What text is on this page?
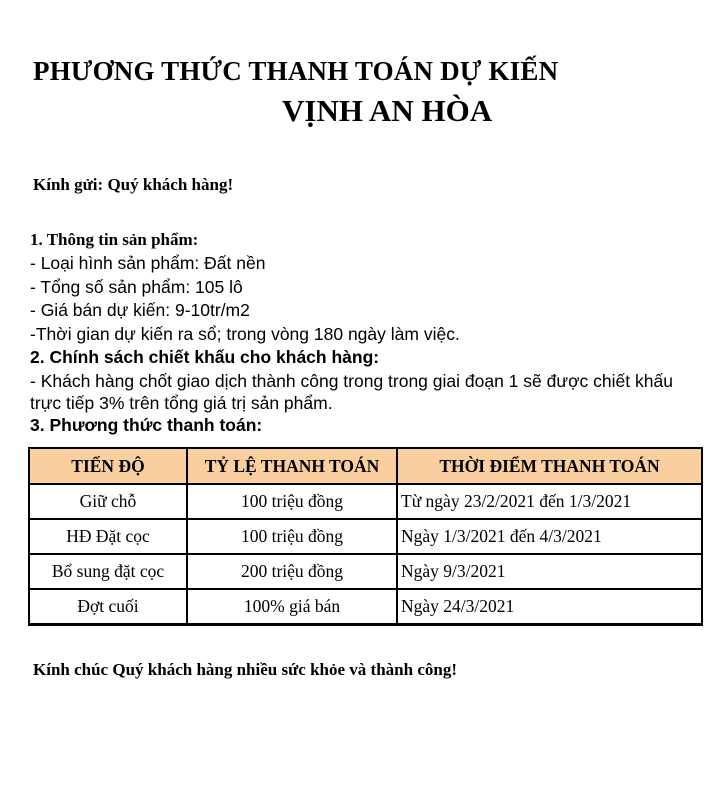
PHƯƠNG THỨC THANH TOÁN DỰ KIẾN
VỊNH AN HÒA
Kính gửi: Quý khách hàng!
1. Thông tin sản phẩm:
- Loại hình sản phẩm: Đất nền
- Tổng số sản phẩm: 105 lô
- Giá bán dự kiến: 9-10tr/m2
-Thời gian dự kiến ra sổ; trong vòng 180 ngày làm việc.
2. Chính sách chiết khấu cho khách hàng:
- Khách hàng chốt giao dịch thành công trong trong giai đoạn 1 sẽ được chiết khấu trực tiếp 3% trên tổng giá trị sản phẩm.
3. Phương thức thanh toán:
TIẾN ĐỘ	TỶ LỆ THANH TOÁN	THỜI ĐIỂM THANH TOÁN
Giữ chỗ	100 triệu đồng	Từ ngày 23/2/2021 đến 1/3/2021
HĐ Đặt cọc	100 triệu đồng	Ngày 1/3/2021 đến 4/3/2021
Bổ sung đặt cọc	200 triệu đồng	Ngày 9/3/2021
Đợt cuối	100% giá bán	Ngày 24/3/2021
Kính chúc Quý khách hàng nhiều sức khỏe và thành công!
